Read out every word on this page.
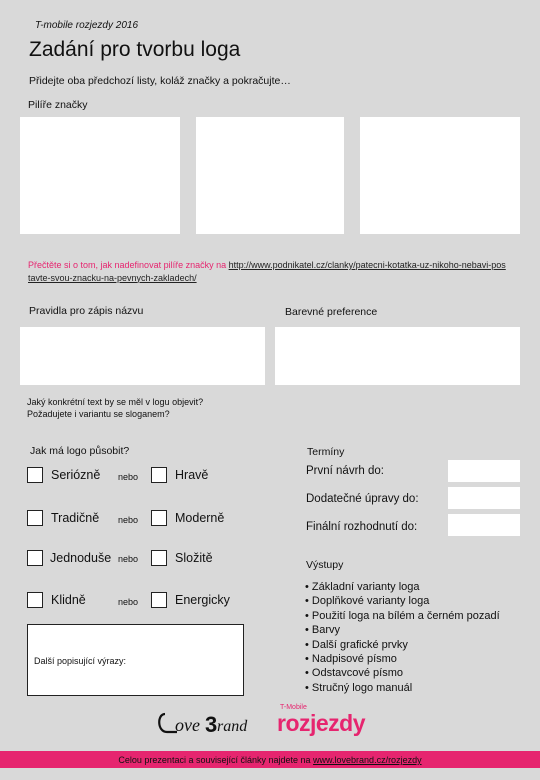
T-mobile rozjezdy 2016
Zadání pro tvorbu loga
Přidejte oba předchozí listy, koláž značky a pokračujte…
Pilíře značky
Přečtěte si o tom, jak nadefinovat pilíře značky na http://www.podnikatel.cz/clanky/patecni-kotatka-uz-nikoho-nebavi-postavte-svou-znacku-na-pevnych-zakladech/
Pravidla pro zápis názvu	Barevné preference
Jaký konkrétní text by se měl v logu objevit?
Požadujete i variantu se sloganem?
Jak má logo působit?
Seriózně nebo	Hravě
Tradičně nebo	Moderně
Jednoduše nebo	Složitě
Klidně	nebo	Energicky
Další popisující výrazy:
Termíny
První návrh do:
Dodatečné úpravy do:
Finální rozhodnutí do:
Výstupy
• Základní varianty loga
• Doplňkové varianty loga
• Použití loga na bílém a černém pozadí
• Barvy
• Další grafické prvky
• Nadpisové písmo
• Odstavcové písmo
• Stručný logo manuál
ove 3 rand
T-Mobile
rozjezdy
Celou prezentaci a související články najdete na www.lovebrand.cz/rozjezdy
